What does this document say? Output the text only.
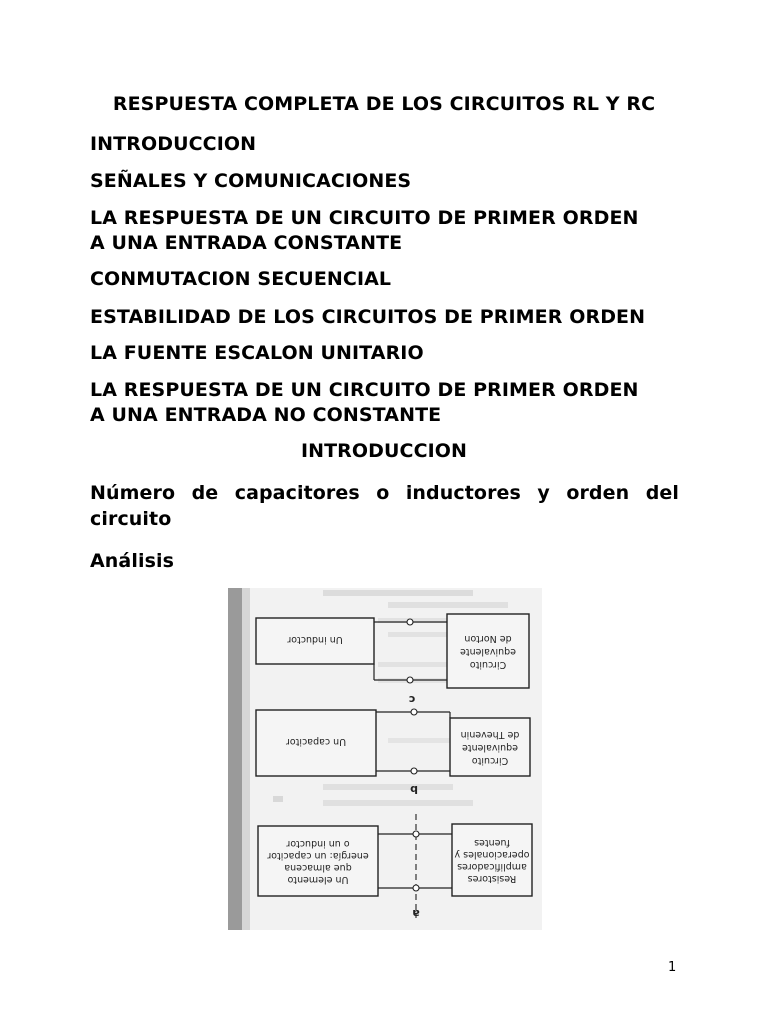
RESPUESTA COMPLETA DE LOS CIRCUITOS RL Y RC
INTRODUCCION
SEÑALES Y COMUNICACIONES
LA RESPUESTA DE UN CIRCUITO DE PRIMER ORDEN
A UNA ENTRADA CONSTANTE
CONMUTACION SECUENCIAL
ESTABILIDAD DE LOS CIRCUITOS DE PRIMER ORDEN
LA FUENTE ESCALON UNITARIO
LA RESPUESTA DE UN CIRCUITO DE PRIMER ORDEN
A UNA ENTRADA NO CONSTANTE
INTRODUCCION
Número de capacitores o inductores y orden del circuito
Análisis
Un inductor
Circuito
equivalente
de Norton
c
Un capacitor
Circuito
equivalente
de Thevenin
b
Un elemento
que almacena
energía: un capacitor
o un inductor
Resistores
amplificadores
operacionales y
fuentes
a
1
